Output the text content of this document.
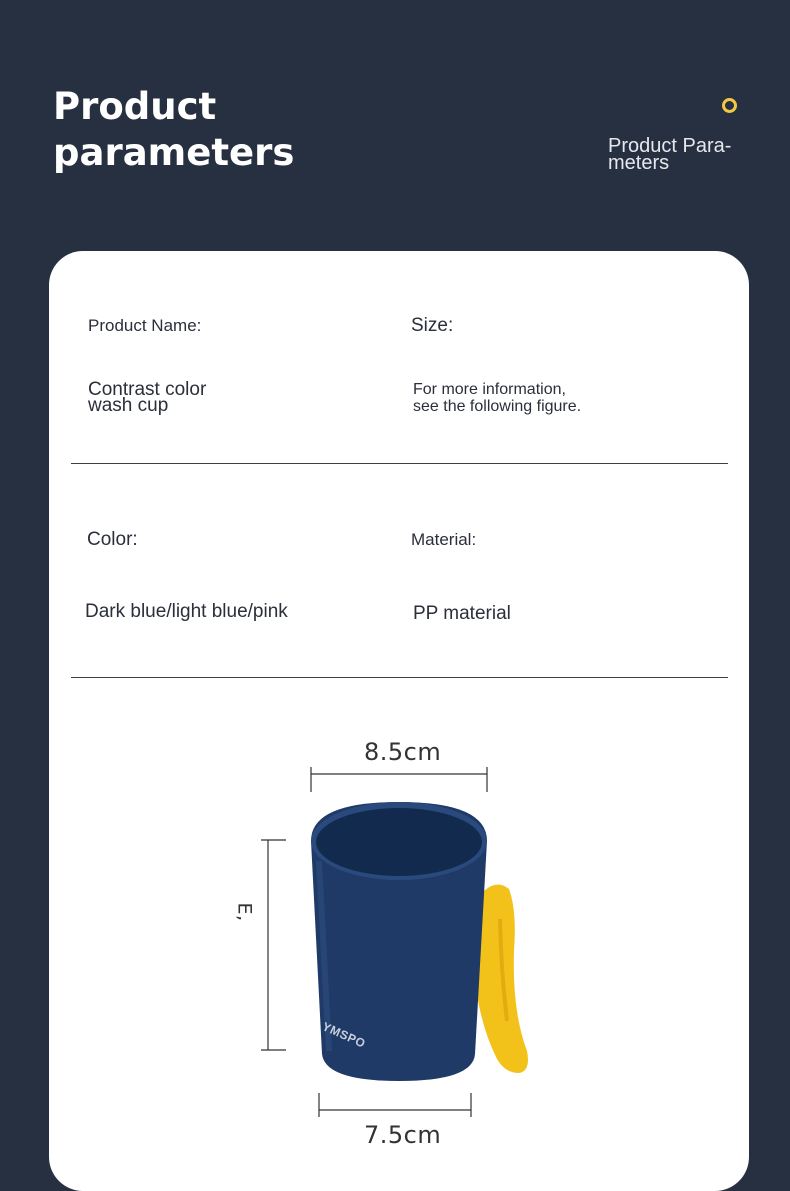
Product
parameters	Product Para-
meters

Product Name:

Contrast color
wash cup

Size:

For more information,
see the following figure.

Color:

Dark blue/light blue/pink

Material:

PP material

8.5cm
7.5cm
E,
YMSPO
